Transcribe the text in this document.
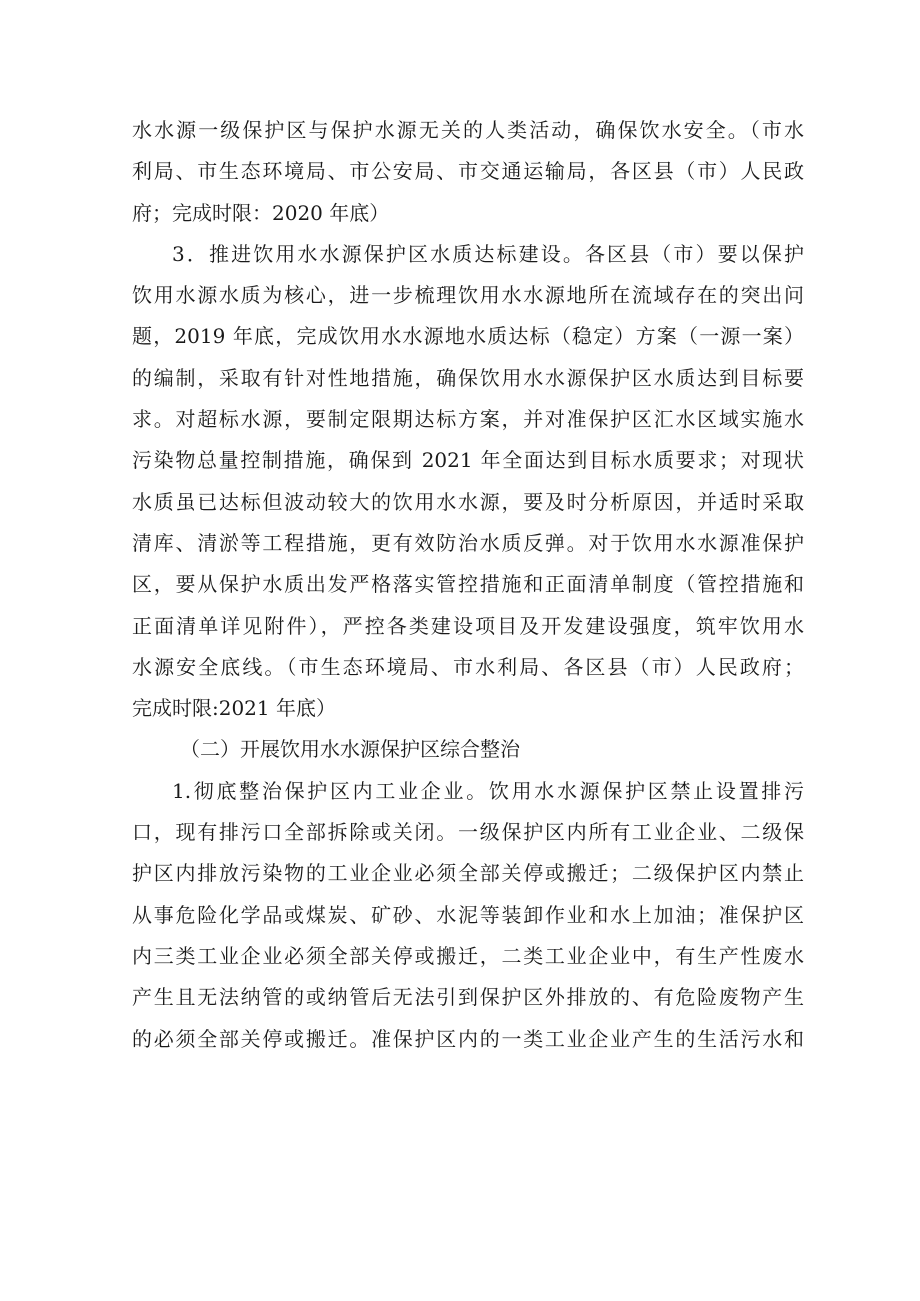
水水源一级保护区与保护水源无关的人类活动，确保饮水安全。（市水
利局、市生态环境局、市公安局、市交通运输局，各区县（市）人民政
府；完成时限：2020 年底）
3．推进饮用水水源保护区水质达标建设。各区县（市）要以保护
饮用水源水质为核心，进一步梳理饮用水水源地所在流域存在的突出问
题，2019 年底，完成饮用水水源地水质达标（稳定）方案（一源一案）
的编制，采取有针对性地措施，确保饮用水水源保护区水质达到目标要
求。对超标水源，要制定限期达标方案，并对准保护区汇水区域实施水
污染物总量控制措施，确保到 2021 年全面达到目标水质要求；对现状
水质虽已达标但波动较大的饮用水水源，要及时分析原因，并适时采取
清库、清淤等工程措施，更有效防治水质反弹。对于饮用水水源准保护
区，要从保护水质出发严格落实管控措施和正面清单制度（管控措施和
正面清单详见附件），严控各类建设项目及开发建设强度，筑牢饮用水
水源安全底线。（市生态环境局、市水利局、各区县（市）人民政府；
完成时限:2021 年底）
（二）开展饮用水水源保护区综合整治
1.彻底整治保护区内工业企业。饮用水水源保护区禁止设置排污
口，现有排污口全部拆除或关闭。一级保护区内所有工业企业、二级保
护区内排放污染物的工业企业必须全部关停或搬迁；二级保护区内禁止
从事危险化学品或煤炭、矿砂、水泥等装卸作业和水上加油；准保护区
内三类工业企业必须全部关停或搬迁，二类工业企业中，有生产性废水
产生且无法纳管的或纳管后无法引到保护区外排放的、有危险废物产生
的必须全部关停或搬迁。准保护区内的一类工业企业产生的生活污水和
